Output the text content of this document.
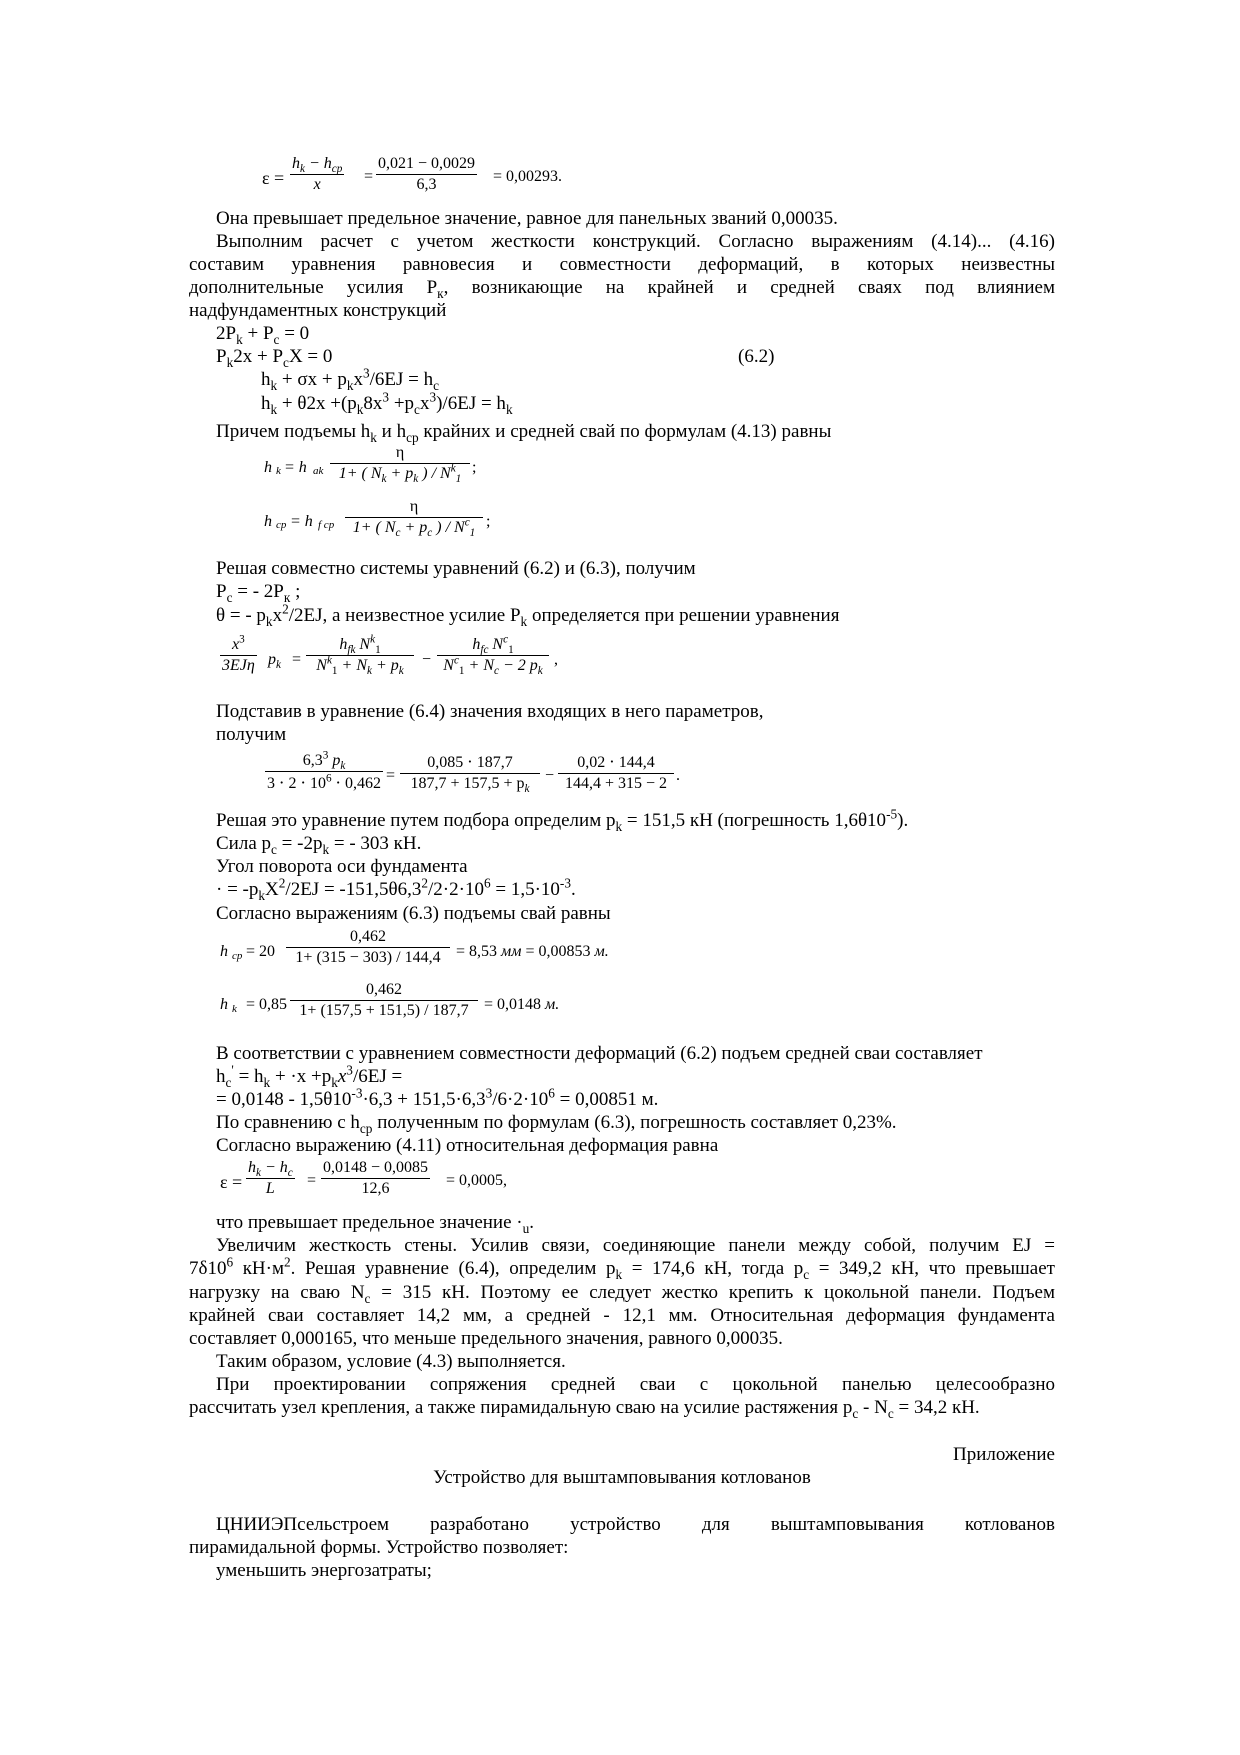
ε =
$h_k - h_{cp}$
x	= $\frac{0,021 - 0,0029}{6,3} = 0,00293$.
Она превышает предельное значение, равное для панельных званий 0,00035.
Выполним расчет с учетом жесткости конструкций. Согласно выражениям (4.14)... (4.16)
составим уравнения равновесия и совместности деформаций, в которых неизвестны
дополнительные усилия $P_к$, возникающие на крайней и средней сваях под влиянием
надфундаментных конструкций
$2P_k + P_c = 0$
$P_k2x + P_cX = 0$	(6.2)
$h_k + \sigma x + p_kx^3/6EJ = h_c$
$h_k + \theta 2x +(p_k8x^3 +p_cx^3)/6EJ = h_k$
Причем подъемы $h_k$ и $h_{cp}$ крайних и средней свай по формулам (4.13) равны
h k = h ak $\frac{\eta}{1+ ( N_k + p_k ) / N^k_1}$ ;
h cp = h f cp $\frac{\eta}{1+ ( N_c + p_c ) / N^c_1}$ ;
Решая совместно системы уравнений (6.2) и (6.3), получим
$P_c$ = - $2P_к$ ;
θ = - $p_kx^2/2EJ$, а неизвестное усилие $P_k$ определяется при решении уравнения
$x^3$
3EJη $p_k$ =
$h_{fk}$ $N^k_1$
$N^k_1 + N_k + p_k$
−
$h_{fc}$ $N^c_1$
$N^c_1 + N_c - 2$ $p_k$
,
Подставив в уравнение (6.4) значения входящих в него параметров,
получим
$\frac{6,3^3 p_k}{3 \cdot 2 \cdot 10^6 \cdot 0,462} = \frac{0,085 \cdot 187,7}{187,7 + 157,5 + p_k} - \frac{0,02 \cdot 144,4}{144,4 + 315 - 2}$ .
Решая это уравнение путем подбора определим $p_k = 151,5$ кН (погрешность $1,6\theta 10^{-5}$).
Сила $p_c = -2p_k$ = - 303 кН.
Угол поворота оси фундамента
· = $-p_kX^2/2EJ = -151,5\theta 6,3^2/2\cdot 2\cdot 10^6 = 1,5\cdot 10^{-3}$.
Согласно выражениям (6.3) подъемы свай равны
h cp = $20 \frac{0,462}{1+ (315 - 303) / 144,4} = 8,53$ мм = 0,00853 м.
h $k = 0,85 \frac{0,462}{1+ (157,5 + 151,5) / 187,7} = 0,0148$ м.
В соответствии с уравнением совместности деформаций (6.2) подъем средней сваи составляет
$h_c' = h_k + \cdot x +p_kx^3/6EJ$ =
= $0,0148 - 1,5\theta 10^{-3}\cdot 6,3 + 151,5\cdot 6,3^3/6\cdot 2\cdot 10^6 = 0,00851$ м.
По сравнению с $h_{cp}$ полученным по формулам (6.3), погрешность составляет 0,23%.
Согласно выражению (4.11) относительная деформация равна
$\varepsilon = \frac{h_k - h_c}{L} = \frac{0,0148 - 0,0085}{12,6} = 0,0005$,
что превышает предельное значение $\cdot_u$.
Увеличим жесткость стены. Усилив связи, соединяющие панели между собой, получим EJ =
$7\delta 10^6$ $кН\cdot м^2$. Решая уравнение (6.4), определим $p_k = 174,6$ кН, тогда $p_c = 349,2$ кН, что превышает
нагрузку на сваю $N_c = 315$ кН. Поэтому ее следует жестко крепить к цокольной панели. Подъем
крайней сваи составляет 14,2 мм, а средней - 12,1 мм. Относительная деформация фундамента
составляет 0,000165, что меньше предельного значения, равного 0,00035.
Таким образом, условие (4.3) выполняется.
При проектировании сопряжения средней сваи с цокольной панелью целесообразно
рассчитать узел крепления, а также пирамидальную сваю на усилие растяжения $p_c - N_c = 34,2$ кН.
Приложение
Устройство для выштамповывания котлованов
ЦНИИЭПсельстроем разработано устройство для выштамповывания котлованов
пирамидальной формы. Устройство позволяет:
уменьшить энергозатраты;
